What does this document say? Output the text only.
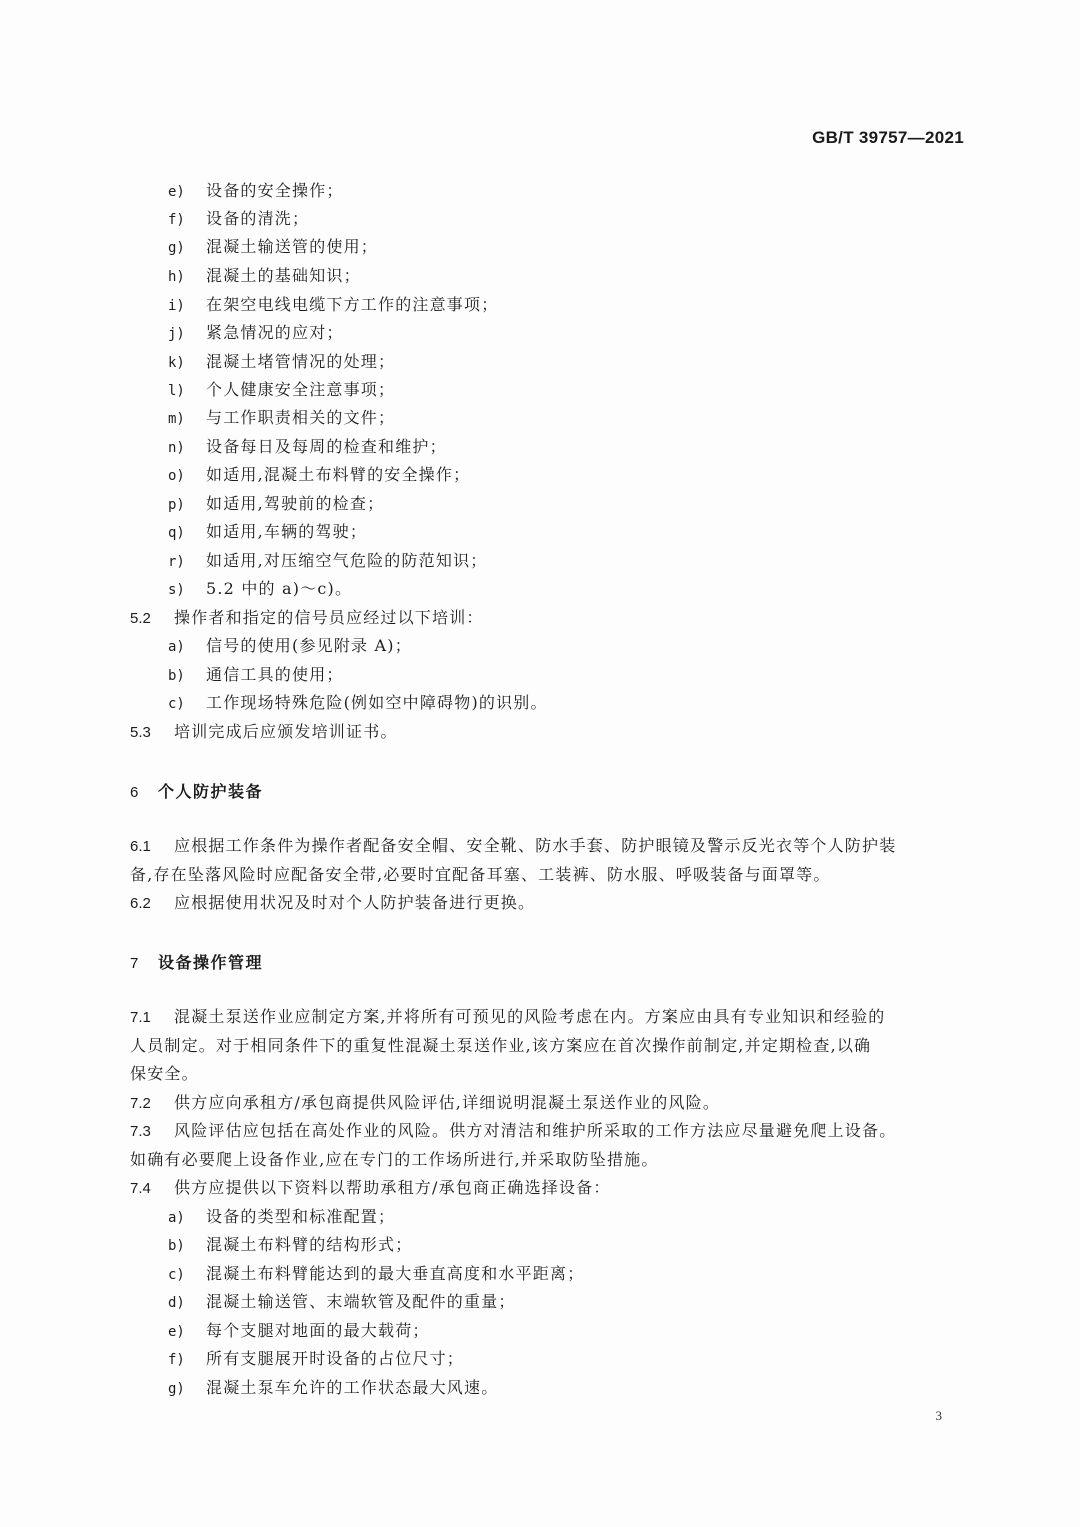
GB/T 39757—2021
e) 设备的安全操作；
f) 设备的清洗；
g) 混凝土输送管的使用；
h) 混凝土的基础知识；
i) 在架空电线电缆下方工作的注意事项；
j) 紧急情况的应对；
k) 混凝土堵管情况的处理；
l) 个人健康安全注意事项；
m) 与工作职责相关的文件；
n) 设备每日及每周的检查和维护；
o) 如适用,混凝土布料臂的安全操作；
p) 如适用,驾驶前的检查；
q) 如适用,车辆的驾驶；
r) 如适用,对压缩空气危险的防范知识；
s) 5.2 中的 a)～c)。
5.2 操作者和指定的信号员应经过以下培训：
a) 信号的使用(参见附录 A)；
b) 通信工具的使用；
c) 工作现场特殊危险(例如空中障碍物)的识别。
5.3 培训完成后应颁发培训证书。
6 个人防护装备
6.1 应根据工作条件为操作者配备安全帽、安全靴、防水手套、防护眼镜及警示反光衣等个人防护装
备,存在坠落风险时应配备安全带,必要时宜配备耳塞、工装裤、防水服、呼吸装备与面罩等。
6.2 应根据使用状况及时对个人防护装备进行更换。
7 设备操作管理
7.1 混凝土泵送作业应制定方案,并将所有可预见的风险考虑在内。方案应由具有专业知识和经验的
人员制定。对于相同条件下的重复性混凝土泵送作业,该方案应在首次操作前制定,并定期检查,以确
保安全。
7.2 供方应向承租方/承包商提供风险评估,详细说明混凝土泵送作业的风险。
7.3 风险评估应包括在高处作业的风险。供方对清洁和维护所采取的工作方法应尽量避免爬上设备。
如确有必要爬上设备作业,应在专门的工作场所进行,并采取防坠措施。
7.4 供方应提供以下资料以帮助承租方/承包商正确选择设备：
a) 设备的类型和标准配置；
b) 混凝土布料臂的结构形式；
c) 混凝土布料臂能达到的最大垂直高度和水平距离；
d) 混凝土输送管、末端软管及配件的重量；
e) 每个支腿对地面的最大载荷；
f) 所有支腿展开时设备的占位尺寸；
g) 混凝土泵车允许的工作状态最大风速。
3
